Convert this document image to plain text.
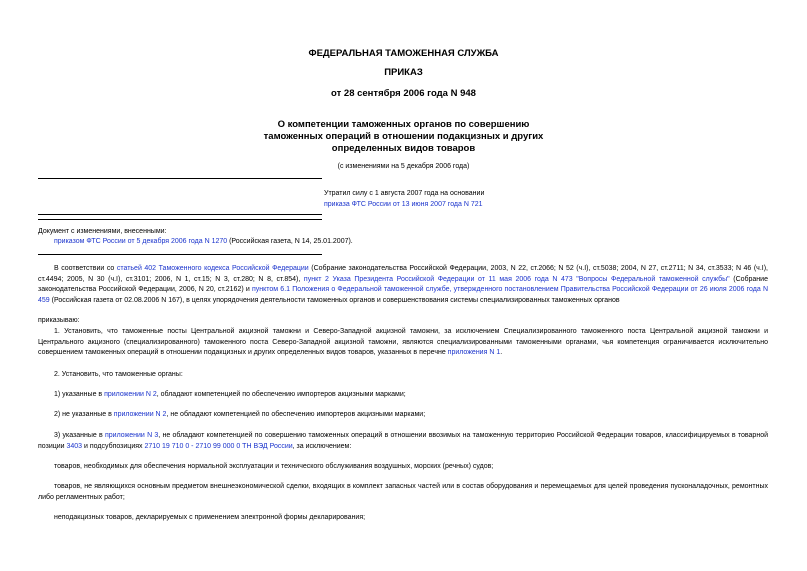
ФЕДЕРАЛЬНАЯ ТАМОЖЕННАЯ СЛУЖБА
ПРИКАЗ
от 28 сентября 2006 года N 948
О компетенции таможенных органов по совершению
таможенных операций в отношении подакцизных и других
определенных видов товаров
(с изменениями на 5 декабря 2006 года)
Утратил силу с 1 августа 2007 года на основании
приказа ФТС России от 13 июня 2007 года N 721
Документ с изменениями, внесенными:
приказом ФТС России от 5 декабря 2006 года N 1270 (Российская газета, N 14, 25.01.2007).
В соответствии со статьей 402 Таможенного кодекса Российской Федерации (Собрание законодательства Российской Федерации, 2003, N 22, ст.2066; N 52 (ч.I), ст.5038; 2004, N 27, ст.2711; N 34, ст.3533; N 46 (ч.I), ст.4494; 2005, N 30 (ч.I), ст.3101; 2006, N 1, ст.15; N 3, ст.280; N 8, ст.854), пункт 2 Указа Президента Российской Федерации от 11 мая 2006 года N 473 "Вопросы Федеральной таможенной службы" (Собрание законодательства Российской Федерации, 2006, N 20, ст.2162) и пунктом 6.1 Положения о Федеральной таможенной службе, утвержденного постановлением Правительства Российской Федерации от 26 июля 2006 года N 459 (Российская газета от 02.08.2006 N 167), в целях упорядочения деятельности таможенных органов и совершенствования системы специализированных таможенных органов
приказываю:
1. Установить, что таможенные посты Центральной акцизной таможни и Северо-Западной акцизной таможни, за исключением Специализированного таможенного поста Центральной акцизной таможни и Центрального акцизного (специализированного) таможенного поста Северо-Западной акцизной таможни, являются специализированными таможенными органами, чья компетенция ограничивается исключительно совершением таможенных операций в отношении подакцизных и других определенных видов товаров, указанных в перечне приложения N 1.
2. Установить, что таможенные органы:
1) указанные в приложении N 2, обладают компетенцией по обеспечению импортеров акцизными марками;
2) не указанные в приложении N 2, не обладают компетенцией по обеспечению импортеров акцизными марками;
3) указанные в приложении N 3, не обладают компетенцией по совершению таможенных операций в отношении ввозимых на таможенную территорию Российской Федерации товаров, классифицируемых в товарной позиции 3403 и подсубпозициях 2710 19 710 0 - 2710 99 000 0 ТН ВЭД России, за исключением:
товаров, необходимых для обеспечения нормальной эксплуатации и технического обслуживания воздушных, морских (речных) судов;
товаров, не являющихся основным предметом внешнеэкономической сделки, входящих в комплект запасных частей или в состав оборудования и перемещаемых для целей проведения пусконаладочных, ремонтных либо регламентных работ;
неподакцизных товаров, декларируемых с применением электронной формы декларирования;
